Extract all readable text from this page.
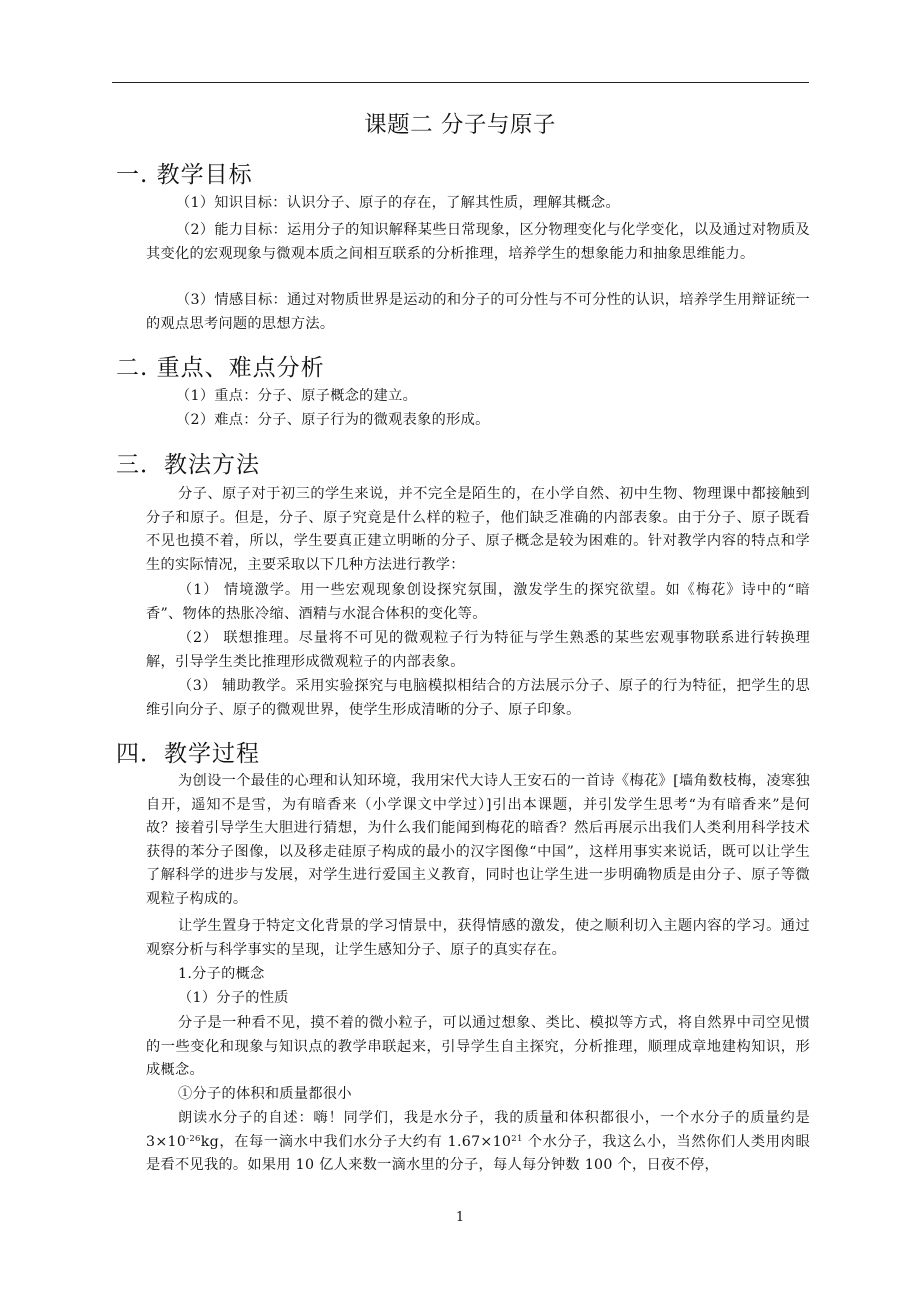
课题二 分子与原子
一. 教学目标
（1）知识目标：认识分子、原子的存在，了解其性质，理解其概念。
（2）能力目标：运用分子的知识解释某些日常现象，区分物理变化与化学变化，以及通过对物质及其变化的宏观现象与微观本质之间相互联系的分析推理，培养学生的想象能力和抽象思维能力。
（3）情感目标：通过对物质世界是运动的和分子的可分性与不可分性的认识，培养学生用辩证统一的观点思考问题的思想方法。
二. 重点、难点分析
（1）重点：分子、原子概念的建立。
（2）难点：分子、原子行为的微观表象的形成。
三．教法方法
分子、原子对于初三的学生来说，并不完全是陌生的，在小学自然、初中生物、物理课中都接触到分子和原子。但是，分子、原子究竟是什么样的粒子，他们缺乏准确的内部表象。由于分子、原子既看不见也摸不着，所以，学生要真正建立明晰的分子、原子概念是较为困难的。针对教学内容的特点和学生的实际情况，主要采取以下几种方法进行教学：
（1） 情境激学。用一些宏观现象创设探究氛围，激发学生的探究欲望。如《梅花》诗中的“暗香”、物体的热胀冷缩、酒精与水混合体积的变化等。
（2） 联想推理。尽量将不可见的微观粒子行为特征与学生熟悉的某些宏观事物联系进行转换理解，引导学生类比推理形成微观粒子的内部表象。
（3） 辅助教学。采用实验探究与电脑模拟相结合的方法展示分子、原子的行为特征，把学生的思维引向分子、原子的微观世界，使学生形成清晰的分子、原子印象。
四．教学过程
为创设一个最佳的心理和认知环境，我用宋代大诗人王安石的一首诗《梅花》[墙角数枝梅，凌寒独自开，遥知不是雪，为有暗香来（小学课文中学过）]引出本课题，并引发学生思考“为有暗香来”是何故？接着引导学生大胆进行猜想，为什么我们能闻到梅花的暗香？然后再展示出我们人类利用科学技术获得的苯分子图像，以及移走硅原子构成的最小的汉字图像“中国”，这样用事实来说话，既可以让学生了解科学的进步与发展，对学生进行爱国主义教育，同时也让学生进一步明确物质是由分子、原子等微观粒子构成的。
让学生置身于特定文化背景的学习情景中，获得情感的激发，使之顺利切入主题内容的学习。通过观察分析与科学事实的呈现，让学生感知分子、原子的真实存在。
1.分子的概念
（1）分子的性质
分子是一种看不见，摸不着的微小粒子，可以通过想象、类比、模拟等方式，将自然界中司空见惯的一些变化和现象与知识点的教学串联起来，引导学生自主探究，分析推理，顺理成章地建构知识，形成概念。
①分子的体积和质量都很小
朗读水分子的自述：嗨！同学们，我是水分子，我的质量和体积都很小，一个水分子的质量约是 $3\times 10^{-26}kg$，在每一滴水中我们水分子大约有 $1.67\times 10^{21}$ 个水分子，我这么小，当然你们人类用肉眼是看不见我的。如果用 10 亿人来数一滴水里的分子，每人每分钟数 100 个，日夜不停，
1
